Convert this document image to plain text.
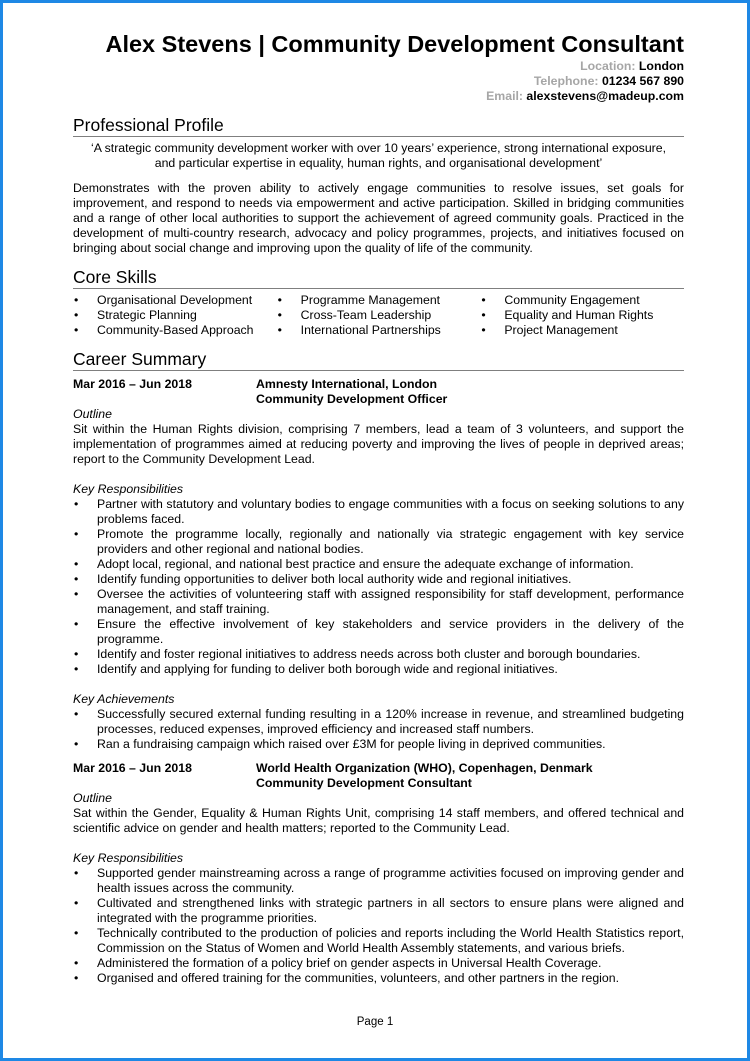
Alex Stevens | Community Development Consultant
Location: London
Telephone: 01234 567 890
Email: alexstevens@madeup.com
Professional Profile

‘A strategic community development worker with over 10 years’ experience, strong international exposure,

and particular expertise in equality, human rights, and organisational development’

Demonstrates with the proven ability to actively engage communities to resolve issues, set goals for improvement, and respond to needs via empowerment and active participation. Skilled in bridging communities and a range of other local authorities to support the achievement of agreed community goals. Practiced in the development of multi-country research, advocacy and policy programmes, projects, and initiatives focused on bringing about social change and improving upon the quality of life of the community.

Core Skills
• Organisational Development
• Strategic Planning
• Community-Based Approach
• Programme Management
• Cross-Team Leadership
• International Partnerships
• Community Engagement
• Equality and Human Rights
• Project Management
Career Summary
Mar 2016 – Jun 2018	Amnesty International, London
Community Development Officer

Outline

Sit within the Human Rights division, comprising 7 members, lead a team of 3 volunteers, and support the implementation of programmes aimed at reducing poverty and improving the lives of people in deprived areas; report to the Community Development Lead.

Key Responsibilities

• Partner with statutory and voluntary bodies to engage communities with a focus on seeking solutions to any problems faced.
• Promote the programme locally, regionally and nationally via strategic engagement with key service providers and other regional and national bodies.
• Adopt local, regional, and national best practice and ensure the adequate exchange of information.
• Identify funding opportunities to deliver both local authority wide and regional initiatives.
• Oversee the activities of volunteering staff with assigned responsibility for staff development, performance management, and staff training.
• Ensure the effective involvement of key stakeholders and service providers in the delivery of the programme.
• Identify and foster regional initiatives to address needs across both cluster and borough boundaries.
• Identify and applying for funding to deliver both borough wide and regional initiatives.

Key Achievements

• Successfully secured external funding resulting in a 120% increase in revenue, and streamlined budgeting processes, reduced expenses, improved efficiency and increased staff numbers.
• Ran a fundraising campaign which raised over £3M for people living in deprived communities.
Mar 2016 – Jun 2018	World Health Organization (WHO), Copenhagen, Denmark
Community Development Consultant

Outline

Sat within the Gender, Equality & Human Rights Unit, comprising 14 staff members, and offered technical and scientific advice on gender and health matters; reported to the Community Lead.

Key Responsibilities

• Supported gender mainstreaming across a range of programme activities focused on improving gender and health issues across the community.
• Cultivated and strengthened links with strategic partners in all sectors to ensure plans were aligned and integrated with the programme priorities.
• Technically contributed to the production of policies and reports including the World Health Statistics report, Commission on the Status of Women and World Health Assembly statements, and various briefs.
• Administered the formation of a policy brief on gender aspects in Universal Health Coverage.
• Organised and offered training for the communities, volunteers, and other partners in the region.
Page 1
